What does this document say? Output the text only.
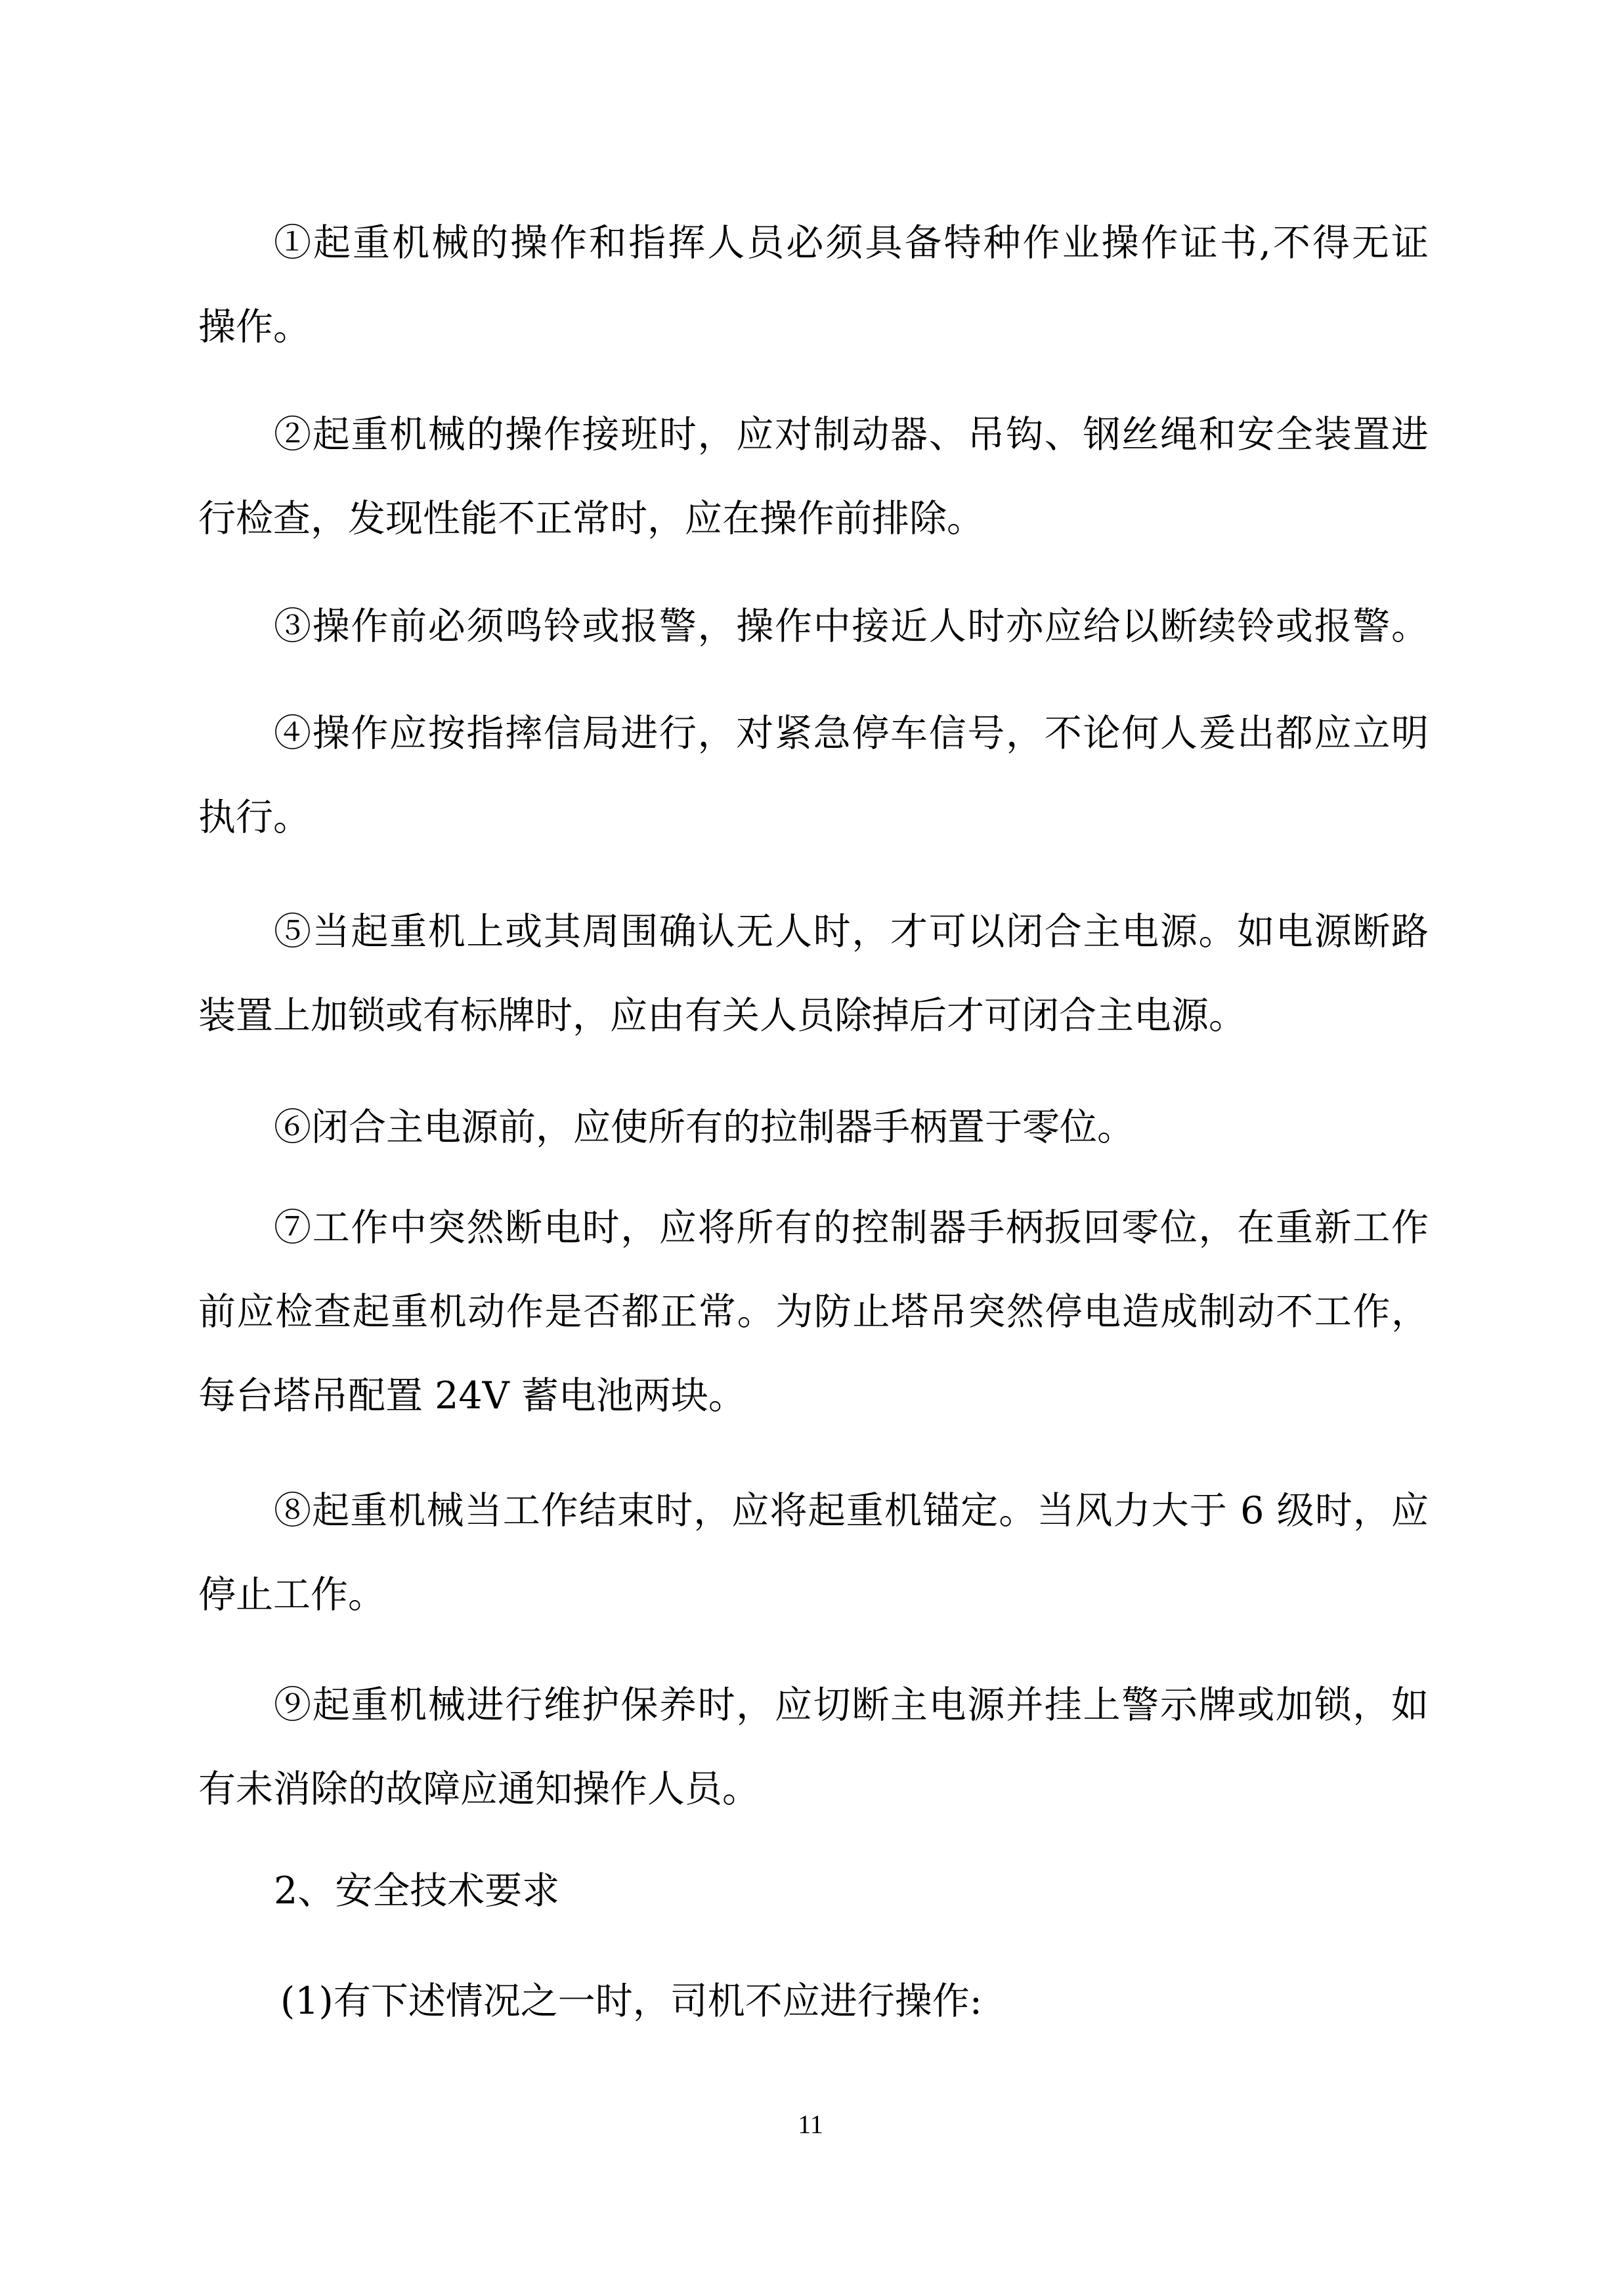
①起重机械的操作和指挥人员必须具备特种作业操作证书,不得无证
操作。
②起重机械的操作接班时，应对制动器、吊钩、钢丝绳和安全装置进
行检查，发现性能不正常时，应在操作前排除。
③操作前必须鸣铃或报警，操作中接近人时亦应给以断续铃或报警。
④操作应按指摔信局进行，对紧急停车信号，不论何人爰出都应立明
执行。
⑤当起重机上或其周围确认无人时，才可以闭合主电源。如电源断路
装置上加锁或有标牌时，应由有关人员除掉后才可闭合主电源。
⑥闭合主电源前，应使所有的拉制器手柄置于零位。
⑦工作中突然断电时，应将所有的控制器手柄扳回零位，在重新工作
前应检查起重机动作是否都正常。为防止塔吊突然停电造成制动不工作，
每台塔吊配置 24V 蓄电池两块。
⑧起重机械当工作结束时，应将起重机锚定。当风力大于 6 级时，应
停止工作。
⑨起重机械进行维护保养时，应切断主电源并挂上警示牌或加锁，如
有未消除的故障应通知操作人员。
2、安全技术要求
(1)有下述情况之一时，司机不应进行操作:
11
